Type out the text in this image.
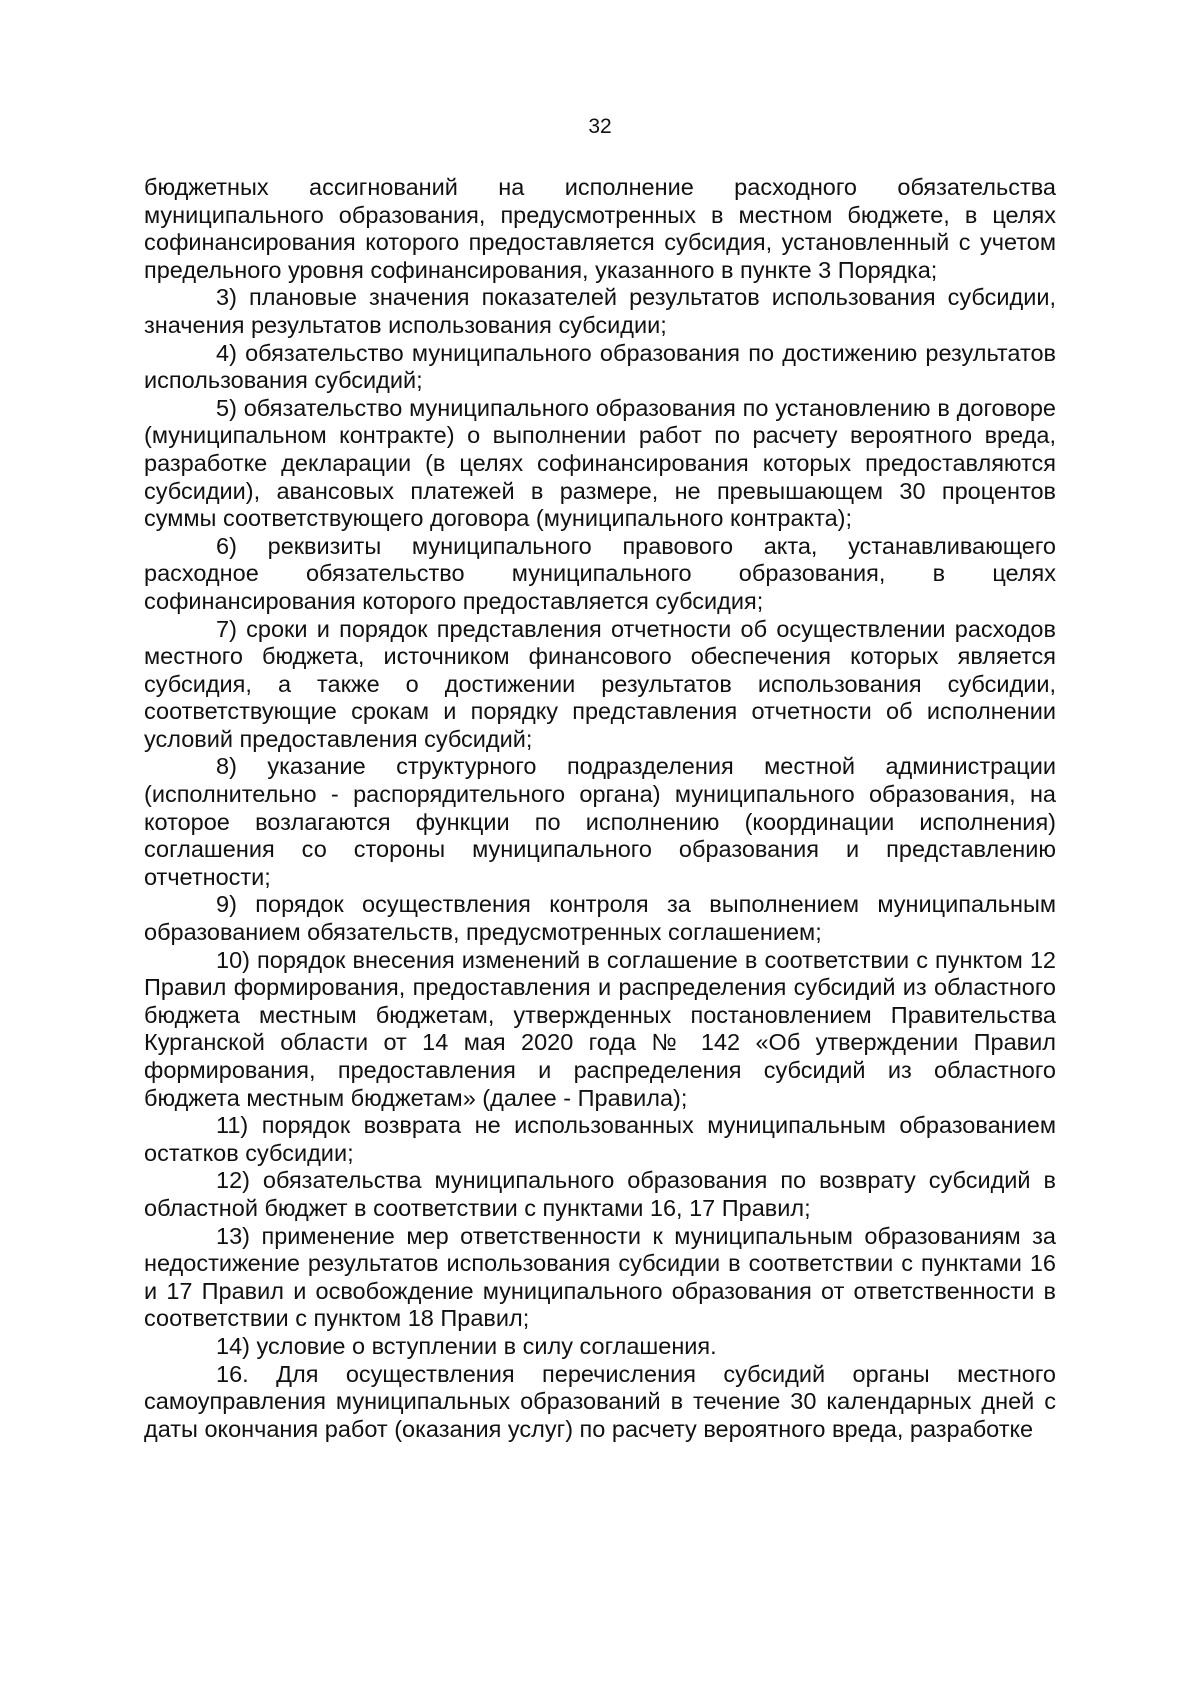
32

бюджетных ассигнований на исполнение расходного обязательства муниципального образования, предусмотренных в местном бюджете, в целях софинансирования которого предоставляется субсидия, установленный с учетом предельного уровня софинансирования, указанного в пункте 3 Порядка;

3) плановые значения показателей результатов использования субсидии, значения результатов использования субсидии;

4) обязательство муниципального образования по достижению результатов использования субсидий;

5) обязательство муниципального образования по установлению в договоре (муниципальном контракте) о выполнении работ по расчету вероятного вреда, разработке декларации (в целях софинансирования которых предоставляются субсидии), авансовых платежей в размере, не превышающем 30 процентов суммы соответствующего договора (муниципального контракта);

6) реквизиты муниципального правового акта, устанавливающего расходное обязательство муниципального образования, в целях софинансирования которого предоставляется субсидия;

7) сроки и порядок представления отчетности об осуществлении расходов местного бюджета, источником финансового обеспечения которых является субсидия, а также о достижении результатов использования субсидии, соответствующие срокам и порядку представления отчетности об исполнении условий предоставления субсидий;

8) указание структурного подразделения местной администрации (исполнительно - распорядительного органа) муниципального образования, на которое возлагаются функции по исполнению (координации исполнения) соглашения со стороны муниципального образования и представлению отчетности;

9) порядок осуществления контроля за выполнением муниципальным образованием обязательств, предусмотренных соглашением;

10) порядок внесения изменений в соглашение в соответствии с пунктом 12 Правил формирования, предоставления и распределения субсидий из областного бюджета местным бюджетам, утвержденных постановлением Правительства Курганской области от 14 мая 2020 года № 142 «Об утверждении Правил формирования, предоставления и распределения субсидий из областного бюджета местным бюджетам» (далее - Правила);

11) порядок возврата не использованных муниципальным образованием остатков субсидии;

12) обязательства муниципального образования по возврату субсидий в областной бюджет в соответствии с пунктами 16, 17 Правил;

13) применение мер ответственности к муниципальным образованиям за недостижение результатов использования субсидии в соответствии с пунктами 16 и 17 Правил и освобождение муниципального образования от ответственности в соответствии с пунктом 18 Правил;

14) условие о вступлении в силу соглашения.

16. Для осуществления перечисления субсидий органы местного самоуправления муниципальных образований в течение 30 календарных дней с даты окончания работ (оказания услуг) по расчету вероятного вреда, разработке
